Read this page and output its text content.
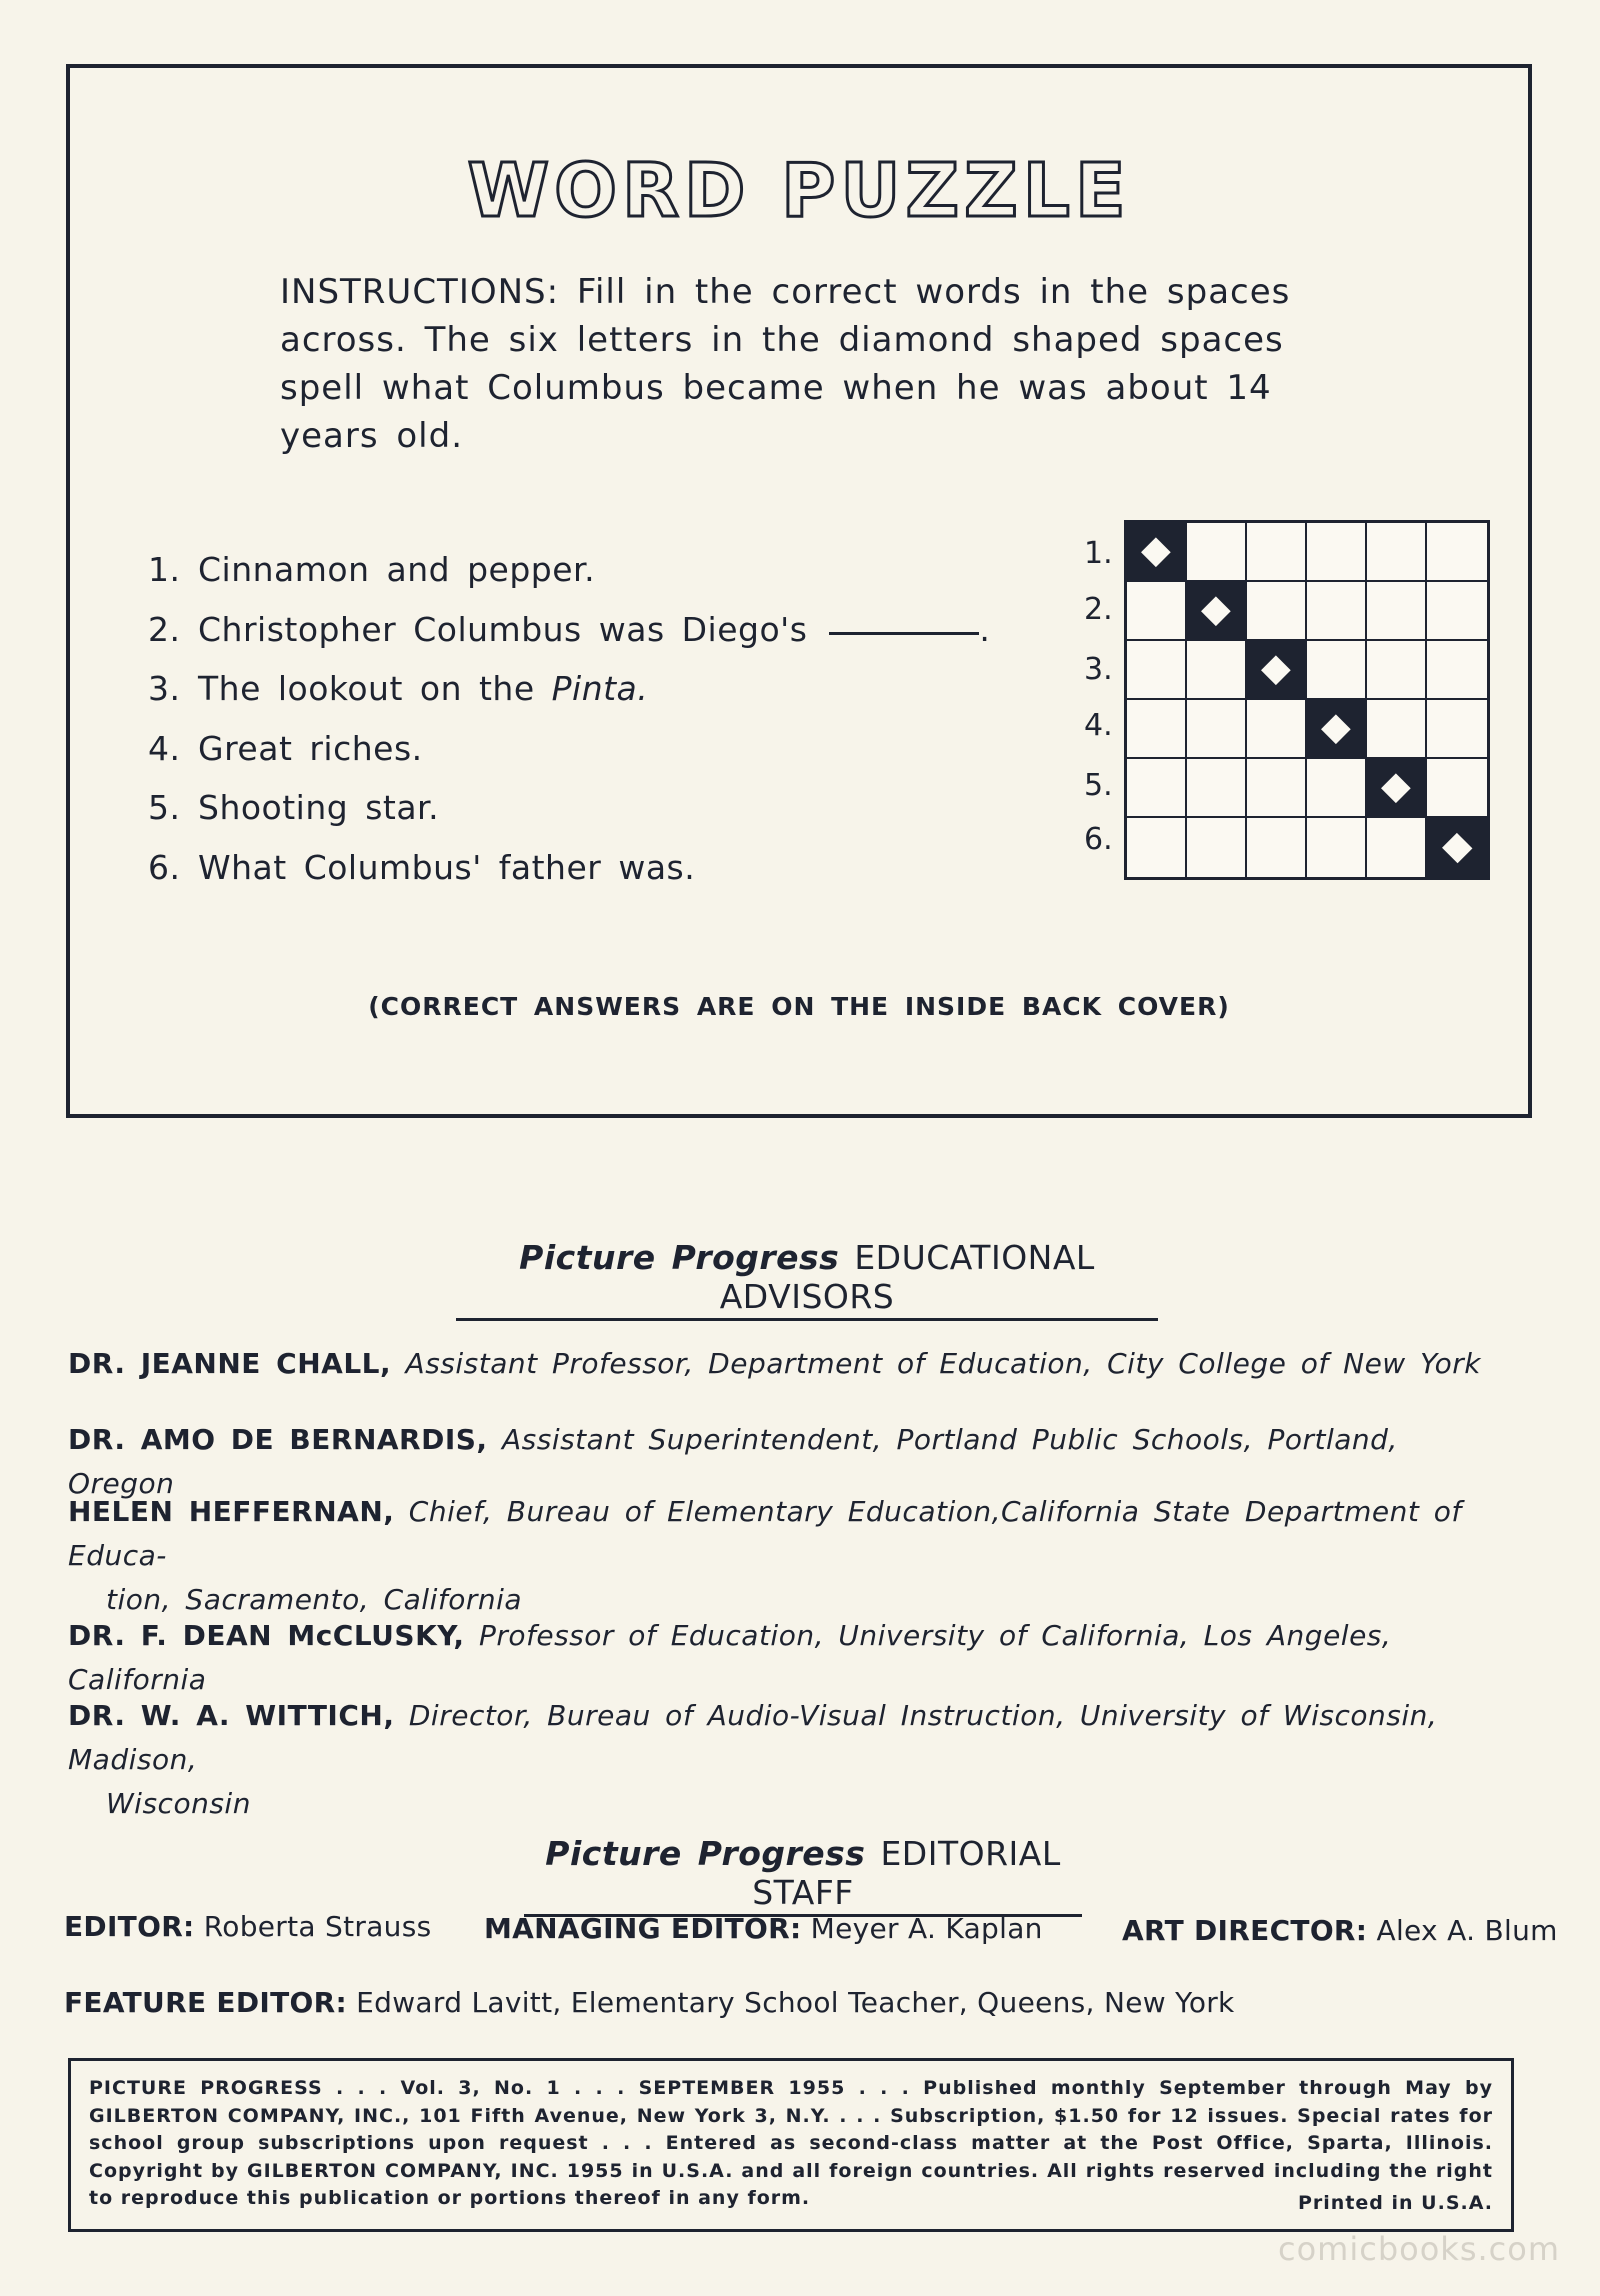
WORD PUZZLE
INSTRUCTIONS: Fill in the correct words in the spaces across. The six letters in the diamond shaped spaces spell what Columbus became when he was about 14 years old.
1. Cinnamon and pepper.
2. Christopher Columbus was Diego's	.
3. The lookout on the Pinta.
4. Great riches.
5. Shooting star.
6. What Columbus' father was.
1.
2.
3.
4.
5.
6.
(CORRECT ANSWERS ARE ON THE INSIDE BACK COVER)
Picture Progress EDUCATIONAL ADVISORS
DR. JEANNE CHALL, Assistant Professor, Department of Education, City College of New York
DR. AMO DE BERNARDIS, Assistant Superintendent, Portland Public Schools, Portland, Oregon
HELEN HEFFERNAN, Chief, Bureau of Elementary Education,California State Department of Educa-
tion, Sacramento, California
DR. F. DEAN McCLUSKY, Professor of Education, University of California, Los Angeles, California
DR. W. A. WITTICH, Director, Bureau of Audio-Visual Instruction, University of Wisconsin, Madison,
Wisconsin
Picture Progress EDITORIAL STAFF
EDITOR: Roberta Strauss MANAGING EDITOR: Meyer A. Kaplan	ART DIRECTOR: Alex A. Blum
FEATURE EDITOR: Edward Lavitt, Elementary School Teacher, Queens, New York
PICTURE PROGRESS . . . Vol. 3, No. 1 . . . SEPTEMBER 1955 . . . Published monthly September through May by GILBERTON COMPANY, INC., 101 Fifth Avenue, New York 3, N.Y. . . . Subscription, $1.50 for 12 issues. Special rates for school group subscriptions upon request . . . Entered as second-class matter at the Post Office, Sparta, Illinois. Copyright by GILBERTON COMPANY, INC. 1955 in U.S.A. and all foreign countries. All rights reserved including the right to reproduce this publication or portions thereof in any form.	Printed in U.S.A.
comicbooks.com
